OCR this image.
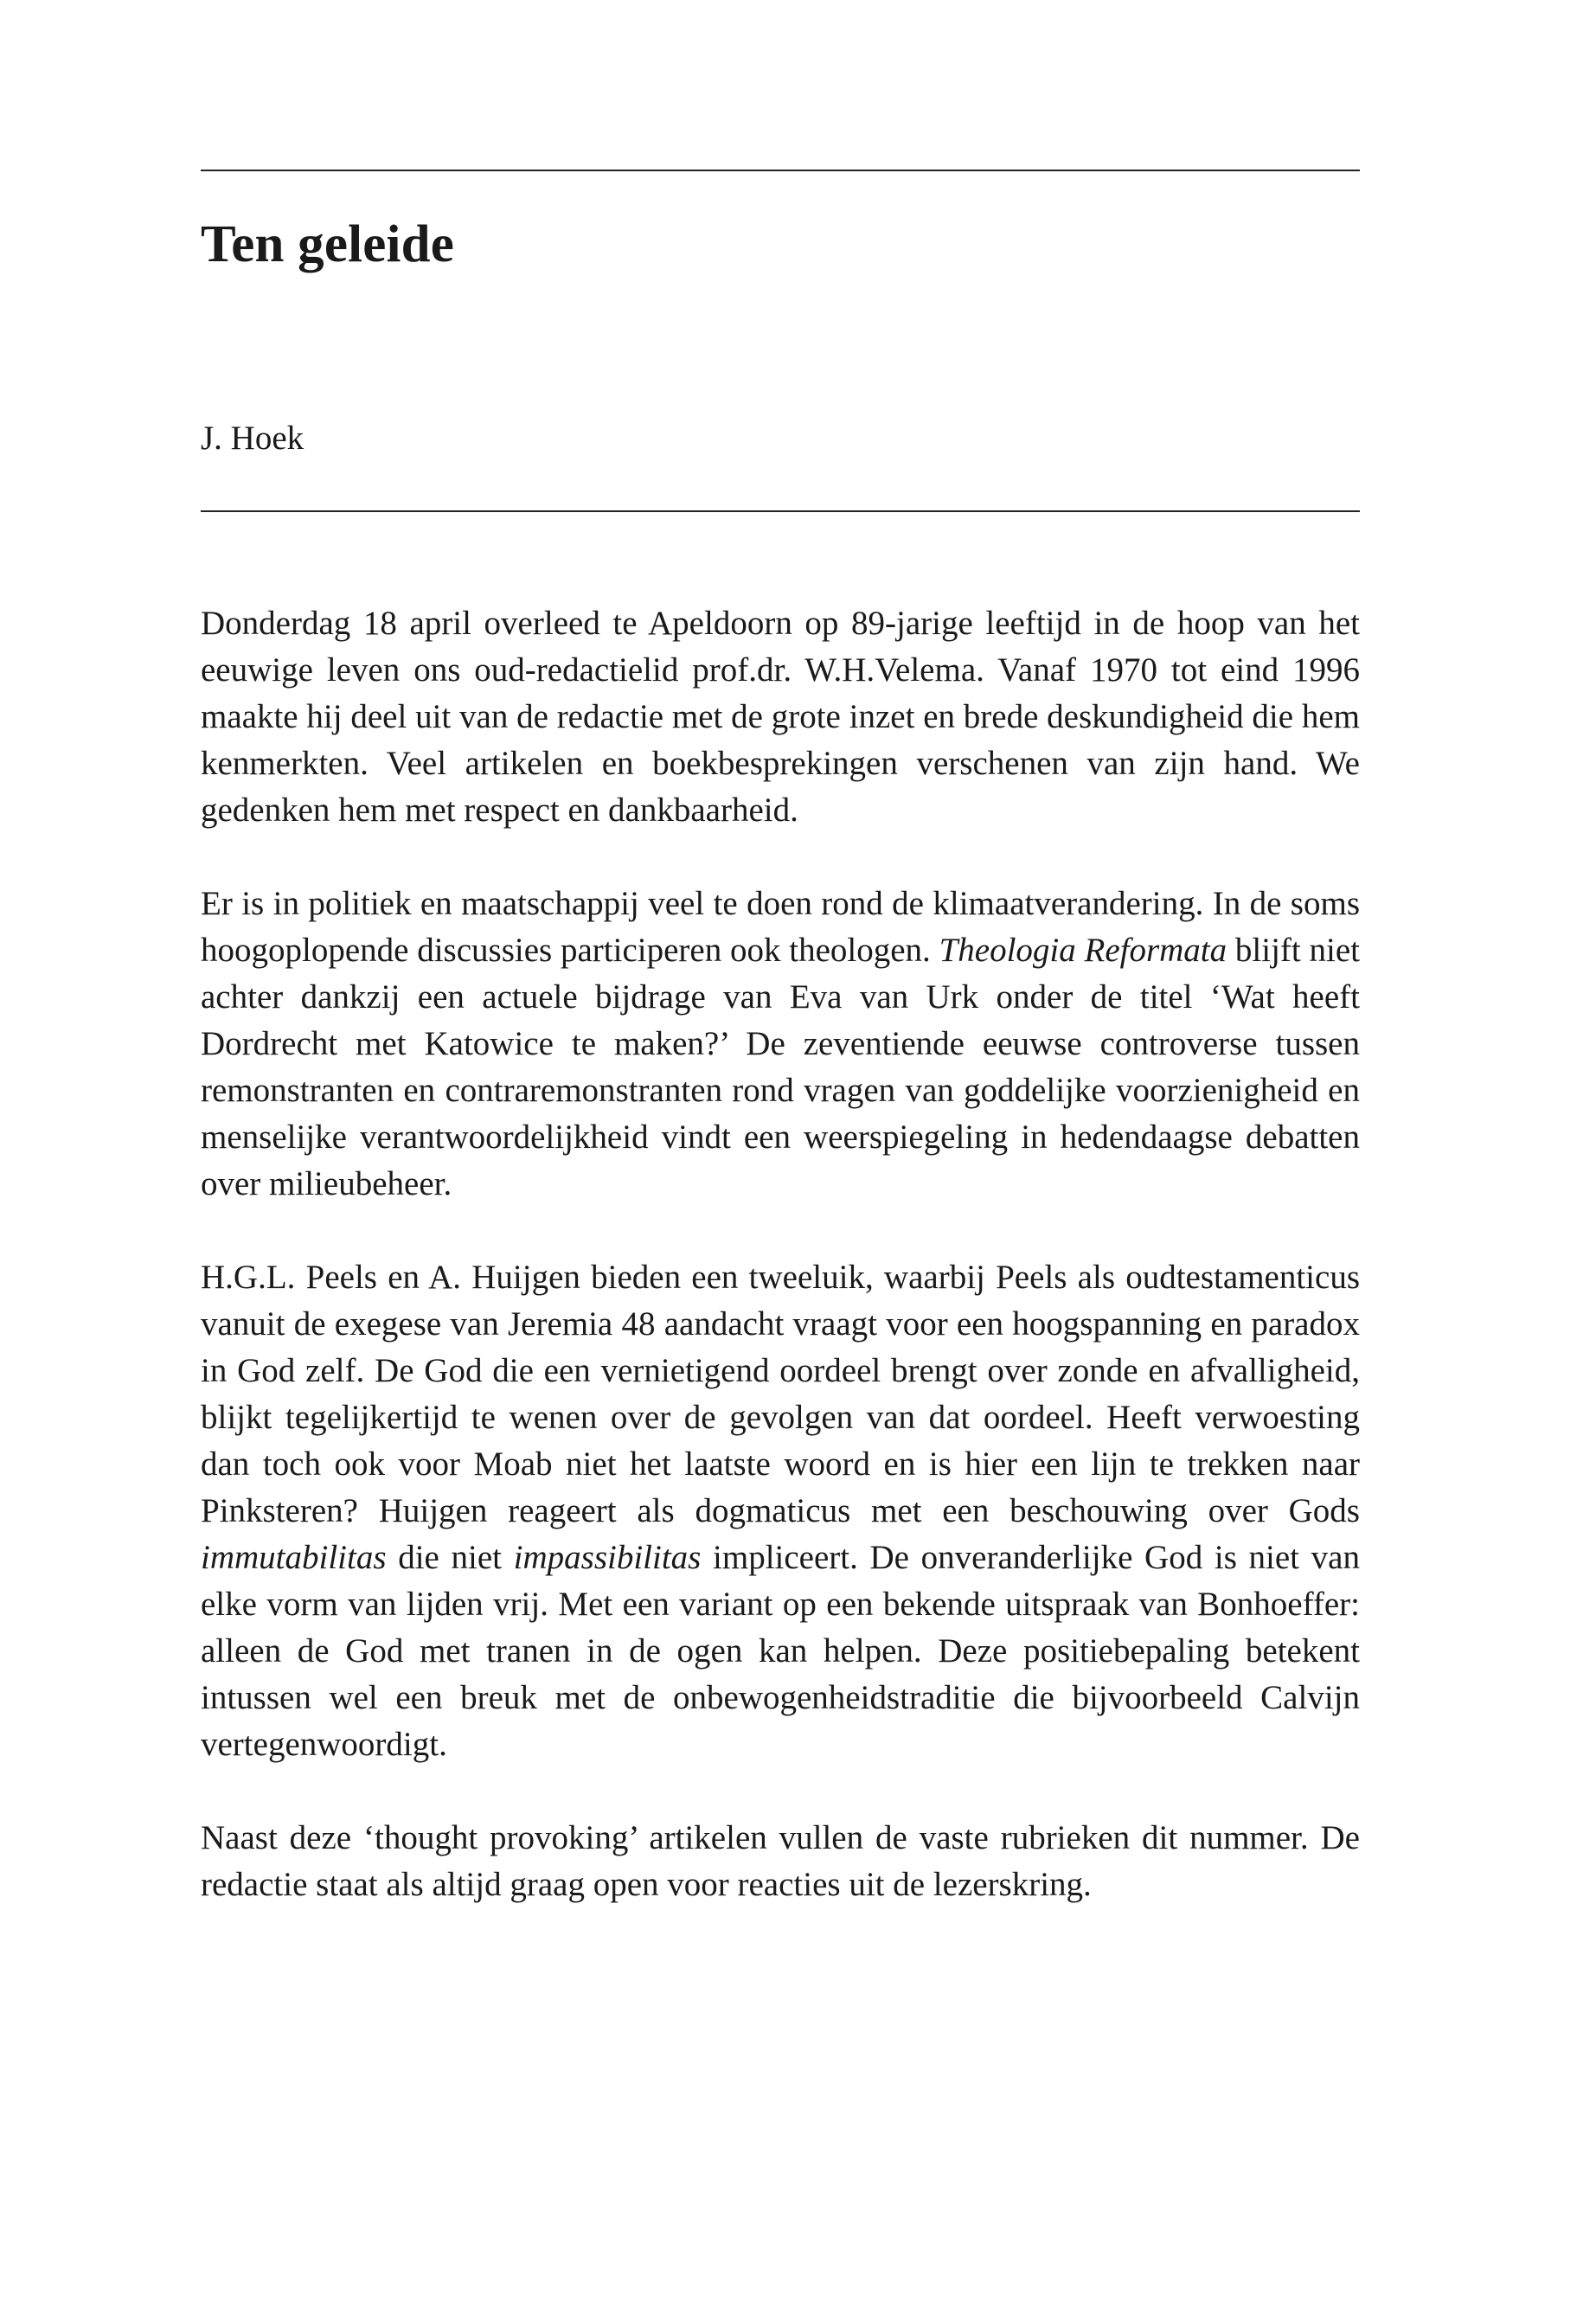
Ten geleide

J. Hoek

Donderdag 18 april overleed te Apeldoorn op 89-jarige leeftijd in de hoop van het eeuwige leven ons oud-redactielid prof.dr. W.H.Velema. Vanaf 1970 tot eind 1996 maakte hij deel uit van de redactie met de grote inzet en brede deskundigheid die hem kenmerkten. Veel artikelen en boekbesprekingen verschenen van zijn hand. We gedenken hem met respect en dankbaarheid.

Er is in politiek en maatschappij veel te doen rond de klimaatverandering. In de soms hoogoplopende discussies participeren ook theologen. Theologia Reformata blijft niet achter dankzij een actuele bijdrage van Eva van Urk onder de titel ‘Wat heeft Dordrecht met Katowice te maken?’ De zeventiende eeuwse controverse tussen remonstranten en contraremonstranten rond vragen van goddelijke voorzienigheid en menselijke verantwoordelijkheid vindt een weerspiegeling in hedendaagse debatten over milieubeheer.

H.G.L. Peels en A. Huijgen bieden een tweeluik, waarbij Peels als oudtestamenticus vanuit de exegese van Jeremia 48 aandacht vraagt voor een hoogspanning en paradox in God zelf. De God die een vernietigend oordeel brengt over zonde en afvalligheid, blijkt tegelijkertijd te wenen over de gevolgen van dat oordeel. Heeft verwoesting dan toch ook voor Moab niet het laatste woord en is hier een lijn te trekken naar Pinksteren? Huijgen reageert als dogmaticus met een beschouwing over Gods immutabilitas die niet impassibilitas impliceert. De onveranderlijke God is niet van elke vorm van lijden vrij. Met een variant op een bekende uitspraak van Bonhoeffer: alleen de God met tranen in de ogen kan helpen. Deze positiebepaling betekent intussen wel een breuk met de onbewogenheidstraditie die bijvoorbeeld Calvijn vertegenwoordigt.

Naast deze ‘thought provoking’ artikelen vullen de vaste rubrieken dit nummer. De redactie staat als altijd graag open voor reacties uit de lezerskring.
